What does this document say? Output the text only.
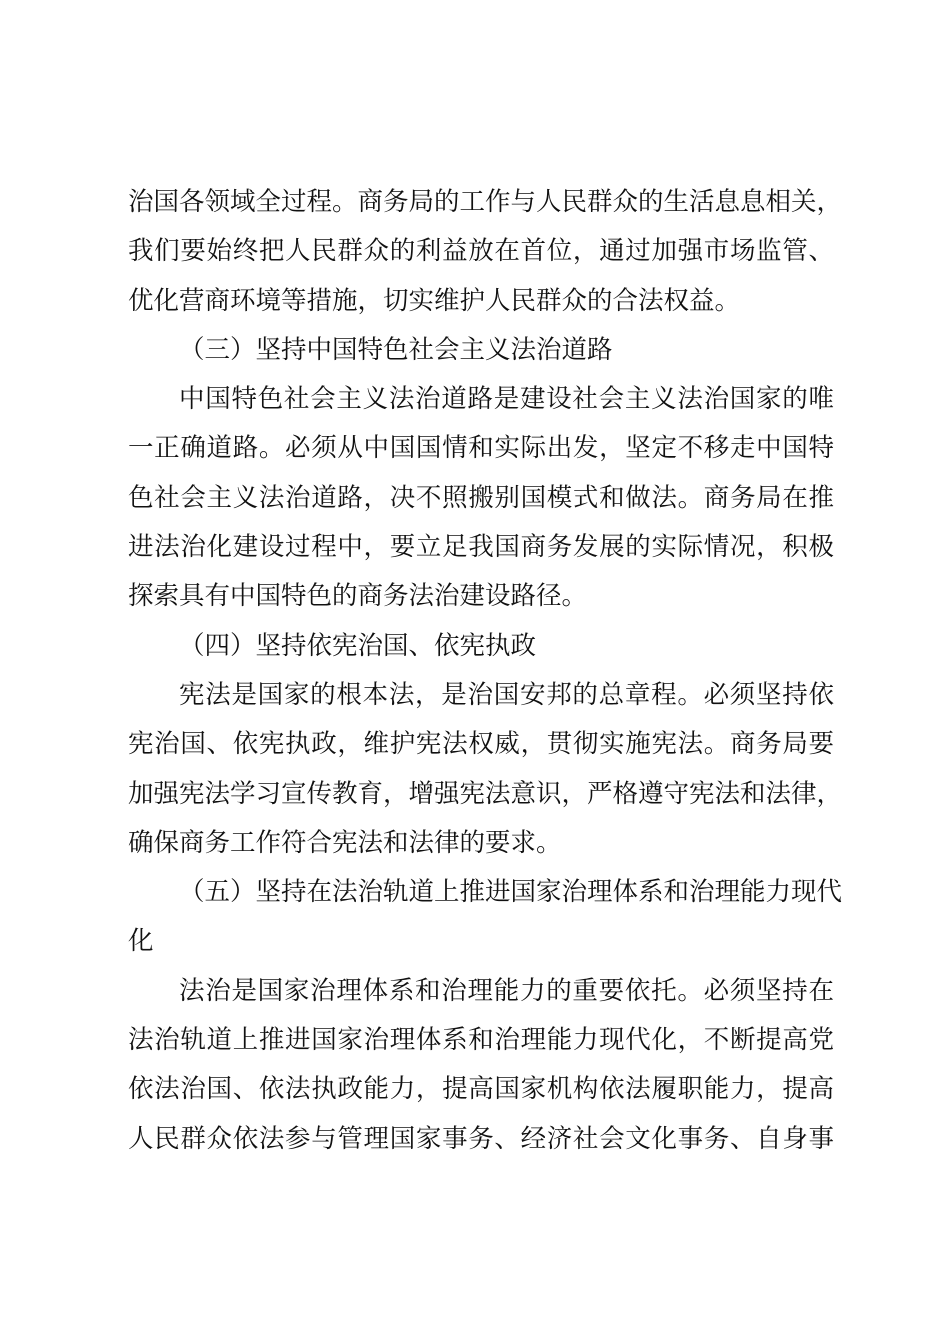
治国各领域全过程。商务局的工作与人民群众的生活息息相关，
我们要始终把人民群众的利益放在首位，通过加强市场监管、
优化营商环境等措施，切实维护人民群众的合法权益。
（三）坚持中国特色社会主义法治道路
中国特色社会主义法治道路是建设社会主义法治国家的唯
一正确道路。必须从中国国情和实际出发，坚定不移走中国特
色社会主义法治道路，决不照搬别国模式和做法。商务局在推
进法治化建设过程中，要立足我国商务发展的实际情况，积极
探索具有中国特色的商务法治建设路径。
（四）坚持依宪治国、依宪执政
宪法是国家的根本法，是治国安邦的总章程。必须坚持依
宪治国、依宪执政，维护宪法权威，贯彻实施宪法。商务局要
加强宪法学习宣传教育，增强宪法意识，严格遵守宪法和法律，
确保商务工作符合宪法和法律的要求。
（五）坚持在法治轨道上推进国家治理体系和治理能力现代
化
法治是国家治理体系和治理能力的重要依托。必须坚持在
法治轨道上推进国家治理体系和治理能力现代化，不断提高党
依法治国、依法执政能力，提高国家机构依法履职能力，提高
人民群众依法参与管理国家事务、经济社会文化事务、自身事
